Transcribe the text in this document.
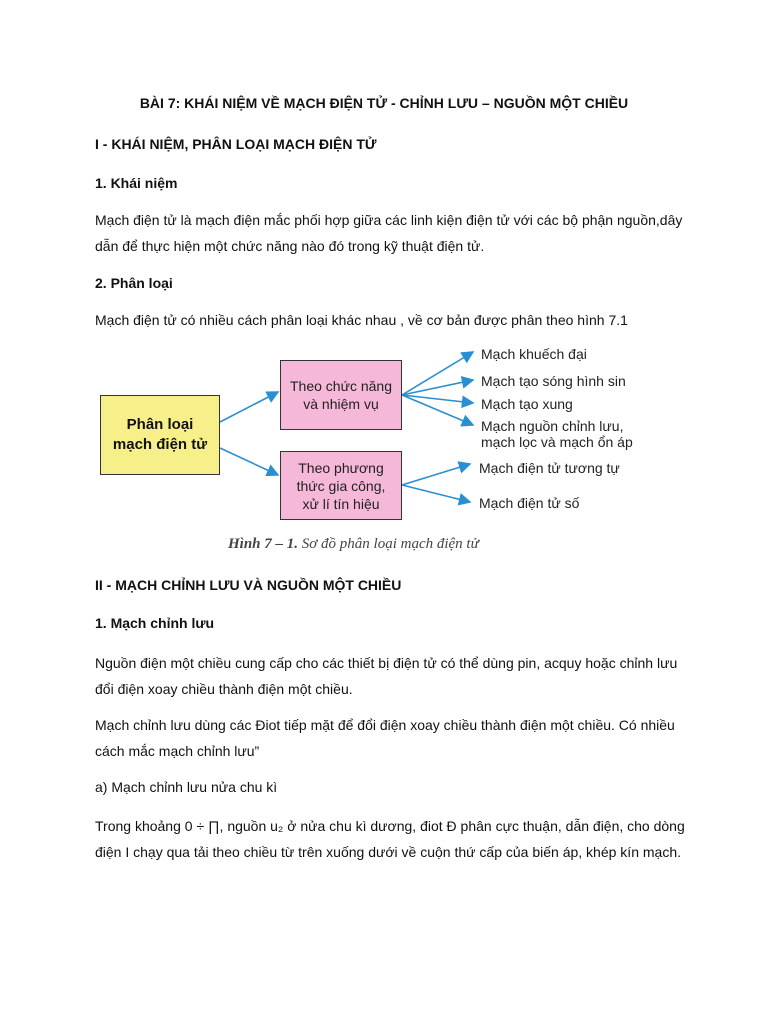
BÀI 7: KHÁI NIỆM VỀ MẠCH ĐIỆN TỬ - CHỈNH LƯU – NGUỒN MỘT CHIỀU
I - KHÁI NIỆM, PHÂN LOẠI MẠCH ĐIỆN TỬ
1. Khái niệm
Mạch điện tử là mạch điện mắc phối hợp giữa các linh kiện điện tử với các bộ phận nguồn,dây
dẫn để thực hiện một chức năng nào đó trong kỹ thuật điện tử.
2. Phân loại
Mạch điện tử có nhiều cách phân loại khác nhau , về cơ bản được phân theo hình 7.1
Phân loại
mạch điện tử
Theo chức năng
và nhiệm vụ
Theo phương
thức gia công,
xử lí tín hiệu
Mạch khuếch đại
Mạch tạo sóng hình sin
Mạch tạo xung
Mạch nguồn chỉnh lưu,
mạch lọc và mạch ổn áp
Mạch điện tử tương tự
Mạch điện tử số
Hình 7 – 1. Sơ đồ phân loại mạch điện tử
II - MẠCH CHỈNH LƯU VÀ NGUỒN MỘT CHIỀU
1. Mạch chỉnh lưu
Nguồn điện một chiều cung cấp cho các thiết bị điện tử có thể dùng pin, acquy hoặc chỉnh lưu
đổi điện xoay chiều thành điện một chiều.
Mạch chỉnh lưu dùng các Điot tiếp mặt để đổi điện xoay chiều thành điện một chiều. Có nhiều
cách mắc mạch chỉnh lưu”
a) Mạch chỉnh lưu nửa chu kì
Trong khoảng 0 ÷ ∏, nguồn u₂ ở nửa chu kì dương, điot Đ phân cực thuận, dẫn điện, cho dòng
điện I chạy qua tải theo chiều từ trên xuống dưới về cuộn thứ cấp của biến áp, khép kín mạch.
